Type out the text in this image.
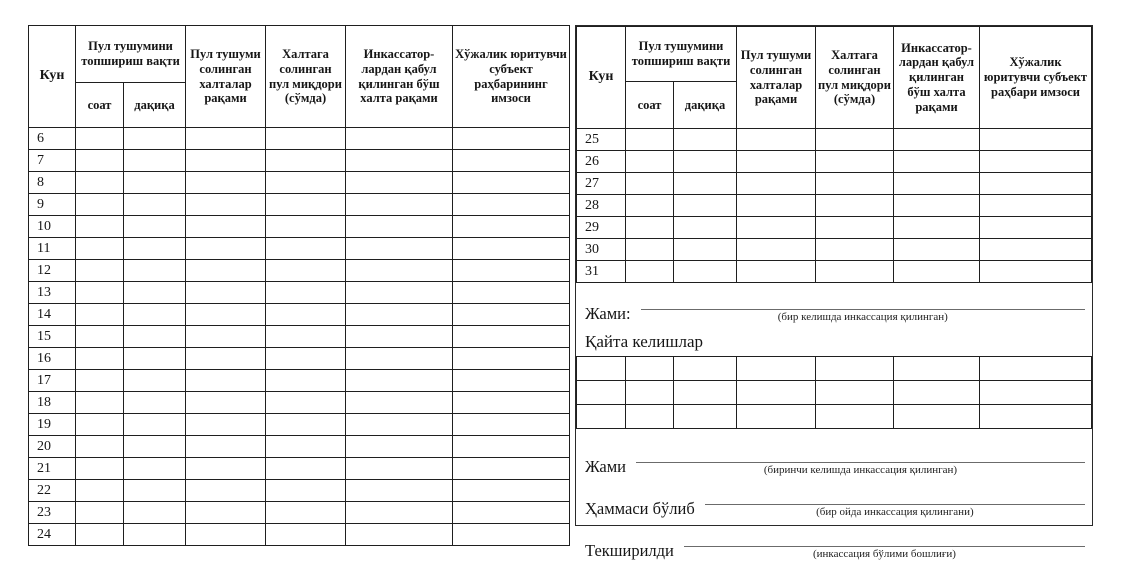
Кун	Пул тушумини топшириш вақти		Пул тушуми солинган халталар рақами	Халтага солинган пул миқдори (сўмда)	Инкассатор-лардан қабул қилинган бўш халта рақами	Хўжалик юритувчи субъект раҳбарининг имзоси
	соат	дақиқа				
6						
7						
8						
9						
10						
11						
12						
13						
14						
15						
16						
17						
18						
19						
20						
21						
22						
23						
24						
Кун	Пул тушумини топшириш вақти		Пул тушуми солинган халталар рақами	Халтага солинган пул миқдори (сўмда)	Инкассатор-лардан қабул қилинган бўш халта рақами	Хўжалик юритувчи субъект раҳбари имзоси
	соат	дақиқа				
25						
26						
27						
28						
29						
30						
31						
Жами:	(бир келишда инкассация қилинган)
Қайта келишлар

Жами	(биринчи келишда инкассация қилинган)
Ҳаммаси бўлиб	(бир ойда инкассация қилингани)
Текширилди	(инкассация бўлими бошлиғи)
